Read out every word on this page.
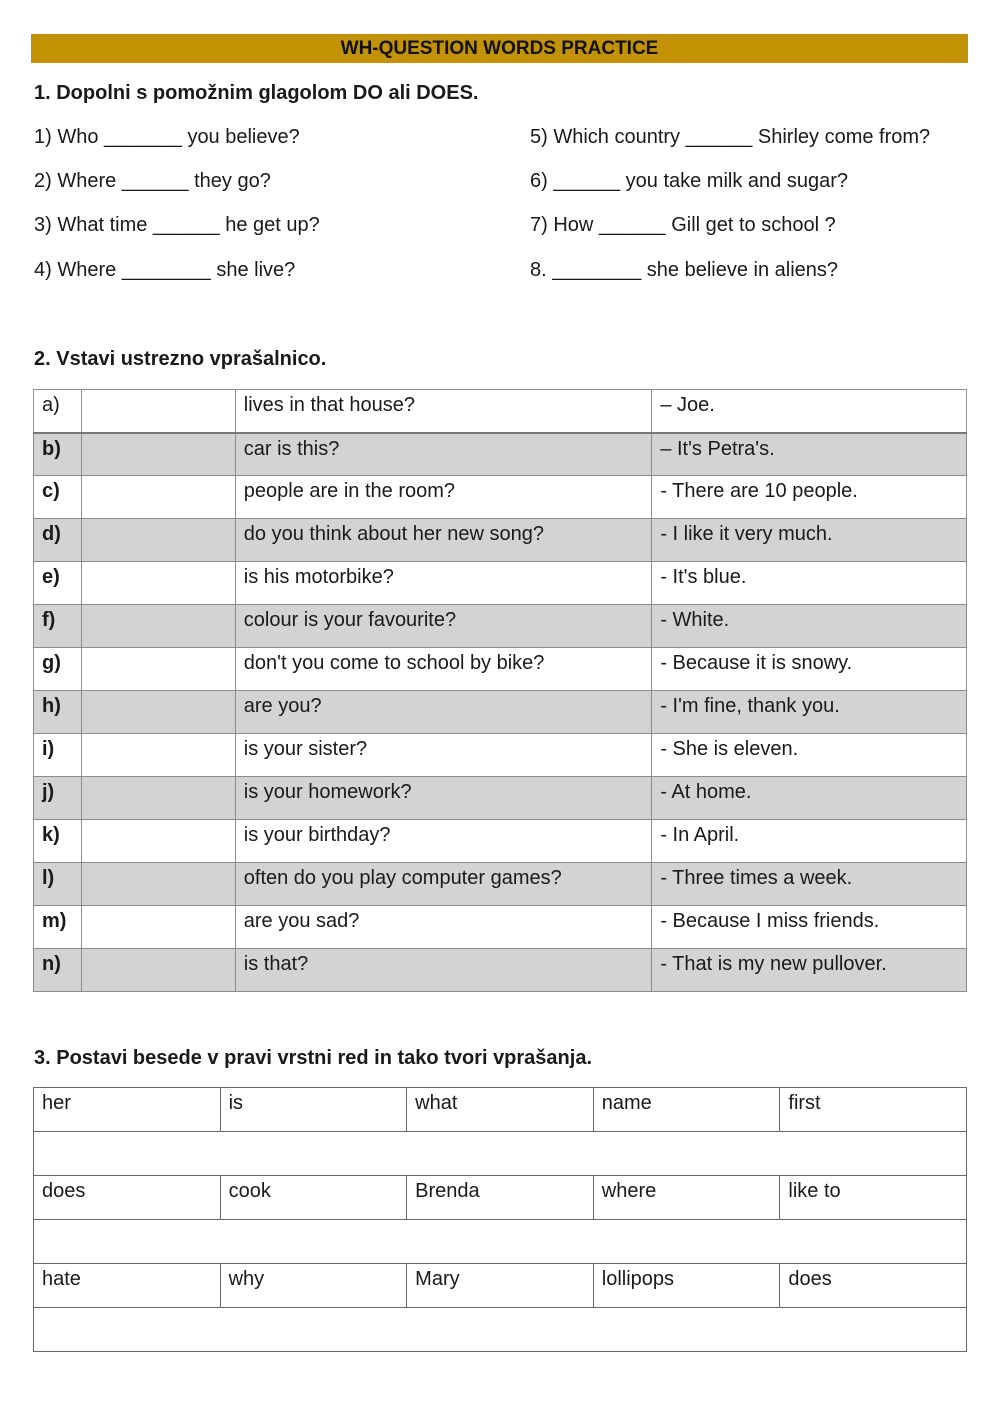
WH-QUESTION WORDS PRACTICE
1. Dopolni s pomožnim glagolom DO ali DOES.
1) Who _______ you believe?
2) Where ______ they go?
3) What time ______ he get up?
4) Where ________ she live?
5) Which country ______ Shirley come from?
6) ______ you take milk and sugar?
7) How ______ Gill get to school ?
8. ________ she believe in aliens?
2. Vstavi ustrezno vprašalnico.
a)		lives in that house?	– Joe.
b)		car is this?	– It's Petra's.
c)		people are in the room?	- There are 10 people.
d)		do you think about her new song?	- I like it very much.
e)		is his motorbike?	- It's blue.
f)		colour is your favourite?	- White.
g)		don't you come to school by bike?	- Because it is snowy.
h)		are you?	- I'm fine, thank you.
i)		is your sister?	- She is eleven.
j)		is your homework?	- At home.
k)		is your birthday?	- In April.
l)		often do you play computer games?	- Three times a week.
m)		are you sad?	- Because I miss friends.
n)		is that?	- That is my new pullover.
3. Postavi besede v pravi vrstni red in tako tvori vprašanja.
her	is	what	name	first

does	cook	Brenda	where	like to

hate	why	Mary	lollipops	does
